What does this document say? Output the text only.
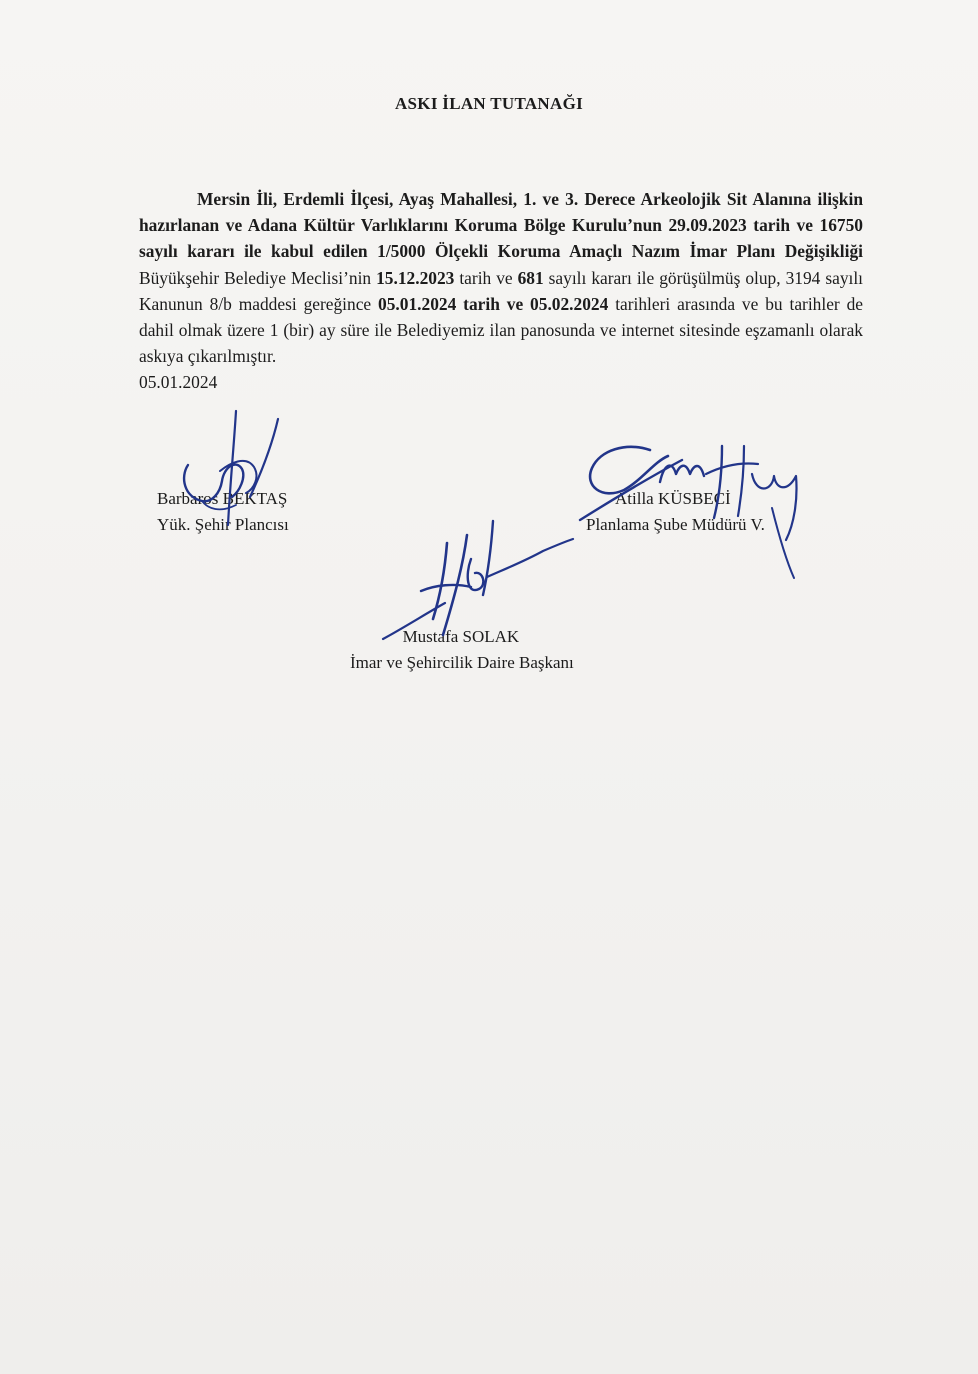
ASKI İLAN TUTANAĞI
Mersin İli, Erdemli İlçesi, Ayaş Mahallesi, 1. ve 3. Derece Arkeolojik Sit Alanına ilişkin hazırlanan ve Adana Kültür Varlıklarını Koruma Bölge Kurulu’nun 29.09.2023 tarih ve 16750 sayılı kararı ile kabul edilen 1/5000 Ölçekli Koruma Amaçlı Nazım İmar Planı Değişikliği Büyükşehir Belediye Meclisi’nin 15.12.2023 tarih ve 681 sayılı kararı ile görüşülmüş olup, 3194 sayılı Kanunun 8/b maddesi gereğince 05.01.2024 tarih ve 05.02.2024 tarihleri arasında ve bu tarihler de dahil olmak üzere 1 (bir) ay süre ile Belediyemiz ilan panosunda ve internet sitesinde eşzamanlı olarak askıya çıkarılmıştır.
05.01.2024
Barbaros BEKTAŞ
Yük. Şehir Plancısı
Atilla KÜSBECİ
Planlama Şube Müdürü V.
Mustafa SOLAK
İmar ve Şehircilik Daire Başkanı
